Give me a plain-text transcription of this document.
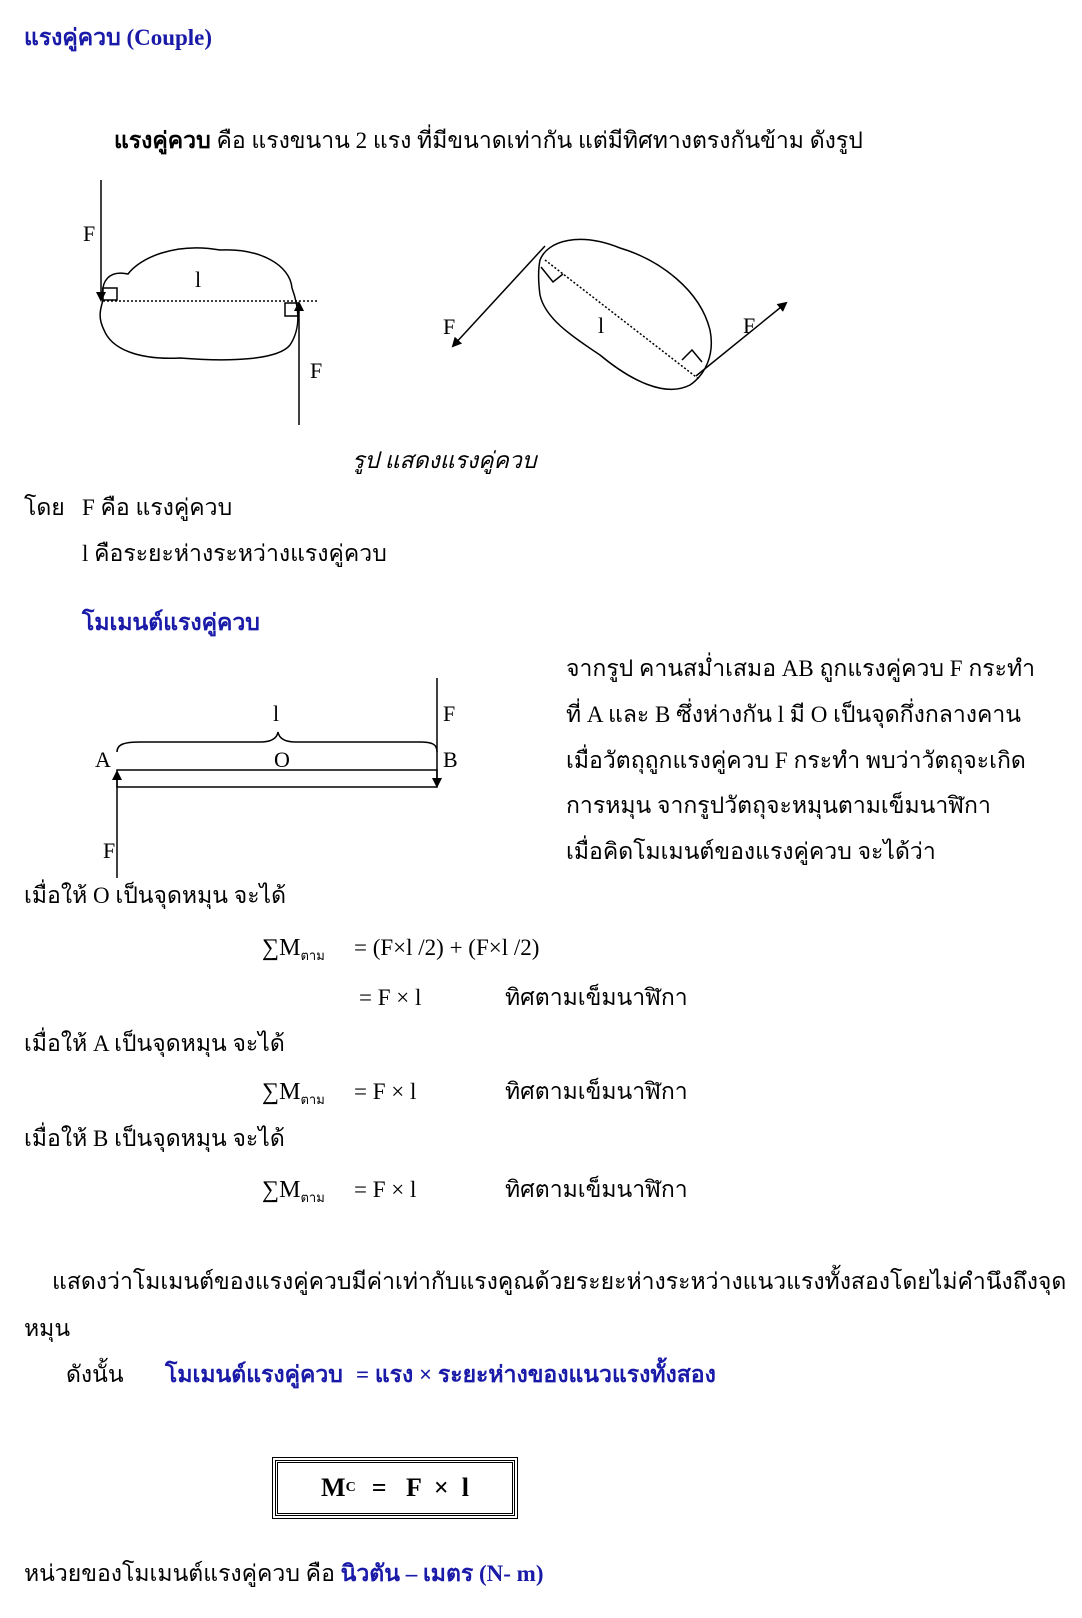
แรงคู่ควบ (Couple)
แรงคู่ควบ คือ แรงขนาน 2 แรง ที่มีขนาดเท่ากัน แต่มีทิศทางตรงกันข้าม ดังรูป
F
l
F
F	l	F
รูป แสดงแรงคู่ควบ
โดย F คือ แรงคู่ควบ
l คือระยะห่างระหว่างแรงคู่ควบ
โมเมนต์แรงคู่ควบ
A	B
O
l	F
F
จากรูป คานสม่ำเสมอ AB ถูกแรงคู่ควบ F กระทำ
ที่ A และ B ซึ่งห่างกัน l มี O เป็นจุดกึ่งกลางคาน
เมื่อวัตถุถูกแรงคู่ควบ F กระทำ พบว่าวัตถุจะเกิด
การหมุน จากรูปวัตถุจะหมุนตามเข็มนาฬิกา
เมื่อคิดโมเมนต์ของแรงคู่ควบ จะได้ว่า
เมื่อให้ O เป็นจุดหมุน จะได้
$\sum M_{ตาม} = (F\times l$ /2) + (F×l /2)
= F × l	ทิศตามเข็มนาฬิกา
เมื่อให้ A เป็นจุดหมุน จะได้
$\sum M_{ตาม} = F \times l$	ทิศตามเข็มนาฬิกา
เมื่อให้ B เป็นจุดหมุน จะได้
$\sum M_{ตาม} = F \times l$	ทิศตามเข็มนาฬิกา
แสดงว่าโมเมนต์ของแรงคู่ควบมีค่าเท่ากับแรงคูณด้วยระยะห่างระหว่างแนวแรงทั้งสองโดยไม่คำนึงถึงจุด
หมุน
ดังนั้น โมเมนต์แรงคู่ควบ = แรง × ระยะห่างของแนวแรงทั้งสอง
M C =   F  ×  l
หน่วยของโมเมนต์แรงคู่ควบ คือ นิวตัน – เมตร (N- m)
